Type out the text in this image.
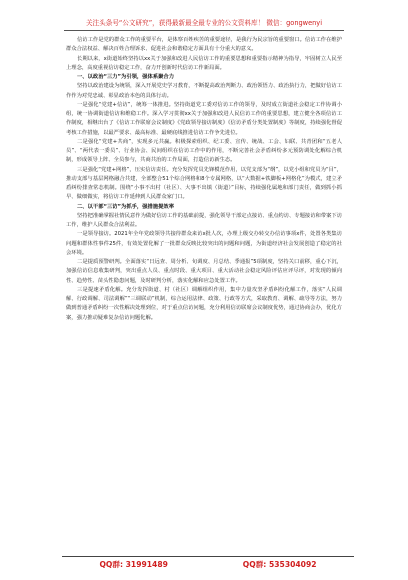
关注头条号“公文研究”，获得最新最全最专业的公文资料库！ 微信：gongwenyi

信访工作是党的群众工作的重要平台，是体察百姓疾苦的重要途径，是我行为民宗旨的重要窗口。信访工作在维护群众合法权益、解决百姓合理诉求、促进社会和谐稳定方面具有十分重大的意义。

长期以来，x街道始终坚持以xx关于加强和改进人民信访工作的重要思想和重要指示精神为指导，牢固树立人民至上理念，高度重视信访稳定工作，奋力开创新时代信访工作新局面。

一、以政治“三力”为引领，强体系聚合力

坚持以政治建设为统领，深入开展党史学习教育，不断提高政治判断力、政治领悟力、政治执行力，把做好信访工作作为对党忠诚、彰显政治本色的具体行动。

一是强化“党建+信访”，统筹一体推进。坚持街道党工委对信访工作的领导，及时成立街道社会稳定工作协调小组，统一协调街道信访和维稳工作。深入学习贯彻xx关于加强和改进人民信访工作的重要思想，建立健全各项信访工作制度，相继出台了《信访工作联席会议制度》《党政领导接访制度》《信访矛盾分类处置制度》等制度，持续强化督促考核工作措施，以最严要求、最高标准、最硬底线推进信访工作争先进位。

二是强化“党建+共商”，实现多元共赢。积极探索组织、纪工委、宣传、统战、工会、妇联、共青团和“五老人员”、“两代表一委员”、行业协会、民间组织在信访工作中的作用，不断完善社会矛盾纠纷多元预防调处化解综合机制，形成领导上阵、全员参与，共商共治的工作局面，打造信访新生态。

三是强化“党建+网格”，压实信访责任。充分发挥党员先锋模范作用，以党支部为“纲”，以党小组和党员为“目”，推动支部与基层网格融合共建，全部整合51个综合网格和8个专属网格，以“大数据+铁脚板+网格化”为模式，建立矛盾纠纷排查常态机制。围绕“小事不出村（社区）、大事不出镇（街道）”目标，持续强化属地和部门责任，做到抓小抓早、做细做实，将信访工作延伸到人民群众家门口。

二、以干部“三访”为抓手，强措施提效率

坚持把准确掌握社情民意作为做好信访工作的基础前提，强化领导干部定点接访、重点约访、专题接访和带案下访工作，维护人民群众合法利益。

一是领导接访。2021年全年党政领导共接待群众来访x批人次，办理上级交办转交办信访事项x件，处置各类集访问题和群体性事件25件，有效处置化解了一批群众反映比较突出的问题和问题，为街道经济社会发展创造了稳定的社会环境。

二是提质预警研判。全面落实“日远查、周分析、旬调度、月总结、季通报”5项制度，坚持关口前移，重心下沉，加强信访信息收集研判，突出重点人员、重点时段、重大项目、重大活动社会稳定风险评估应评尽评，对发现的倾向性、趋势性、苗头性隐患问题，及时研判分析，落实化解和应急处置工作。

三是提速矛盾化解。充分发挥街道、村（社区）调解组织作用，集中力量攻坚矛盾纠纷化解工作，落实“人民调解、行政调解、司法调解”“三调联动”机制，综合运用法律、政策、行政等方式，采取教育、调解、疏导等方法，努力做到普通矛盾纠纷一次性解决处理到位，对于重点信访问题，充分利用信访联席会议制度优势，通过协商会办，优化方案，强力推动疑难复杂信访问题化解。

QQ群: 31991489	QQ群: 535304092
